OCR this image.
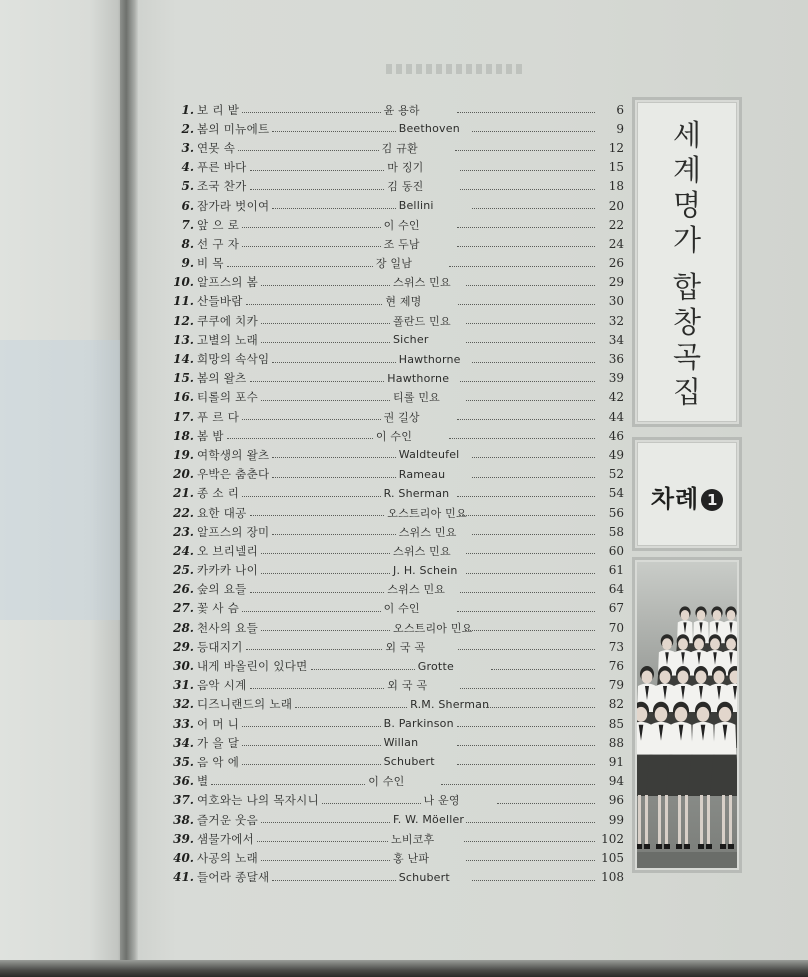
1. 보 리 밭	윤 용하	6
2. 봄의 미뉴에트	Beethoven	9
3. 연못 속	김 규환	12
4. 푸른 바다	마 징기	15
5. 조국 찬가	김 동진	18
6. 잠가라 벗이여	Bellini	20
7. 앞 으 로	이 수인	22
8. 선 구 자	조 두남	24
9. 비 목	장 일남	26
10. 알프스의 봄	스위스 민요	29
11. 산들바람	현 제명	30
12. 쿠쿠에 치카	폴란드 민요	32
13. 고별의 노래	Sicher	34
14. 희망의 속삭임	Hawthorne	36
15. 봄의 왈츠	Hawthorne	39
16. 티롤의 포수	티롤 민요	42
17. 푸 르 다	권 길상	44
18. 봄 밤	이 수인	46
19. 여학생의 왈츠	Waldteufel	49
20. 우박은 춤춘다	Rameau	52
21. 종 소 리	R. Sherman	54
22. 요한 대공	오스트리아 민요	56
23. 알프스의 장미	스위스 민요	58
24. 오 브리넬리	스위스 민요	60
25. 카카카 나이	J. H. Schein	61
26. 숲의 요들	스위스 민요	64
27. 꽃 사 슴	이 수인	67
28. 천사의 요들	오스트리아 민요	70
29. 등대지기	외 국 곡	73
30. 내게 바올린이 있다면	Grotte	76
31. 음악 시계	외 국 곡	79
32. 디즈니랜드의 노래	R.M. Sherman	82
33. 어 머 니	B. Parkinson	85
34. 가 을 달	Willan	88
35. 음 악 에	Schubert	91
36. 별	이 수인	94
37. 여호와는 나의 목자시니	나 운영	96
38. 즐거운 웃음	F. W. Möeller	99
39. 샘물가에서	노비코후	102
40. 사공의 노래	홍 난파	105
41. 들어라 종달새	Schubert	108
세
계
명
가
합
창
곡
집
차례 1
